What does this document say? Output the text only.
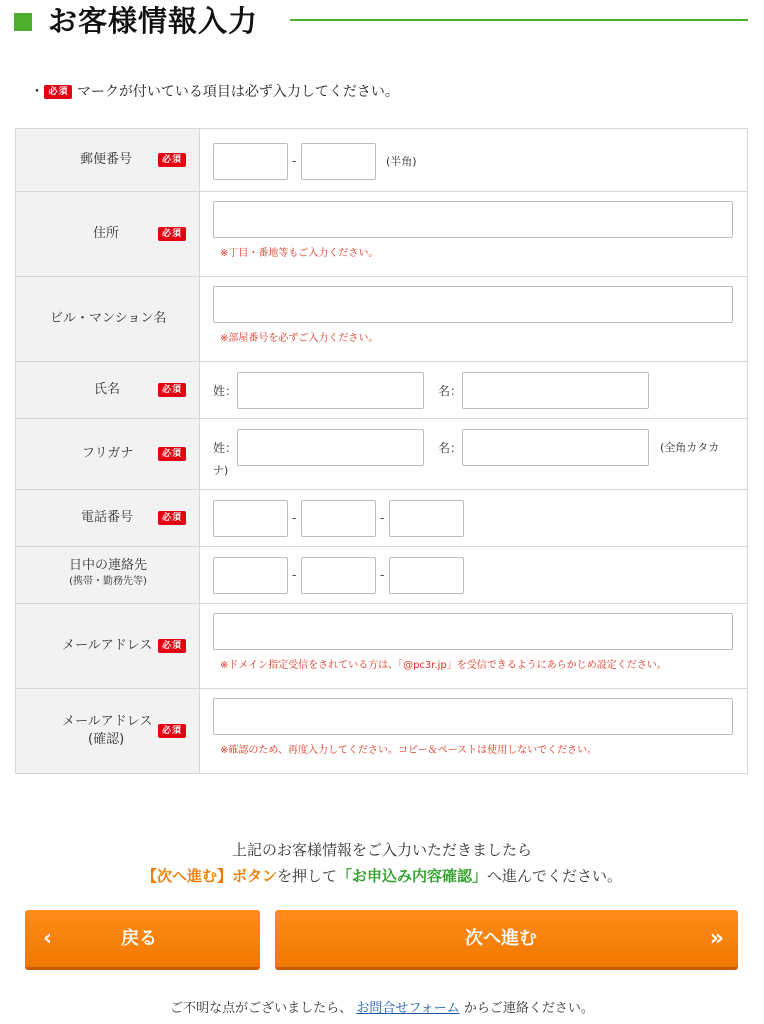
お客様情報入力
・ 必須 マークが付いている項目は必ず入力してください。
郵便番号	必須	-	(半角)
住所	必須
※丁目・番地等もご入力ください。
ビル・マンション名
※部屋番号を必ずご入力ください。
氏名	必須	姓：	名：
フリガナ	必須	姓：	名：	(全角カタカ
ナ)
電話番号	必須	-	-
日中の連絡先
(携帯・勤務先等)	-	-
メールアドレス	必須
※ドメイン指定受信をされている方は、「@pc3r.jp」を受信できるようにあらかじめ設定ください。
メールアドレス
(確認)
必須
※確認のため、再度入力してください。コピー＆ペーストは使用しないでください。
上記のお客様情報をご入力いただきましたら
【次へ進む】ボタンを押して「お申込み内容確認」へ進んでください。
‹	戻る	次へ進む	»
ご不明な点がございましたら、 お問合せフォーム からご連絡ください。
